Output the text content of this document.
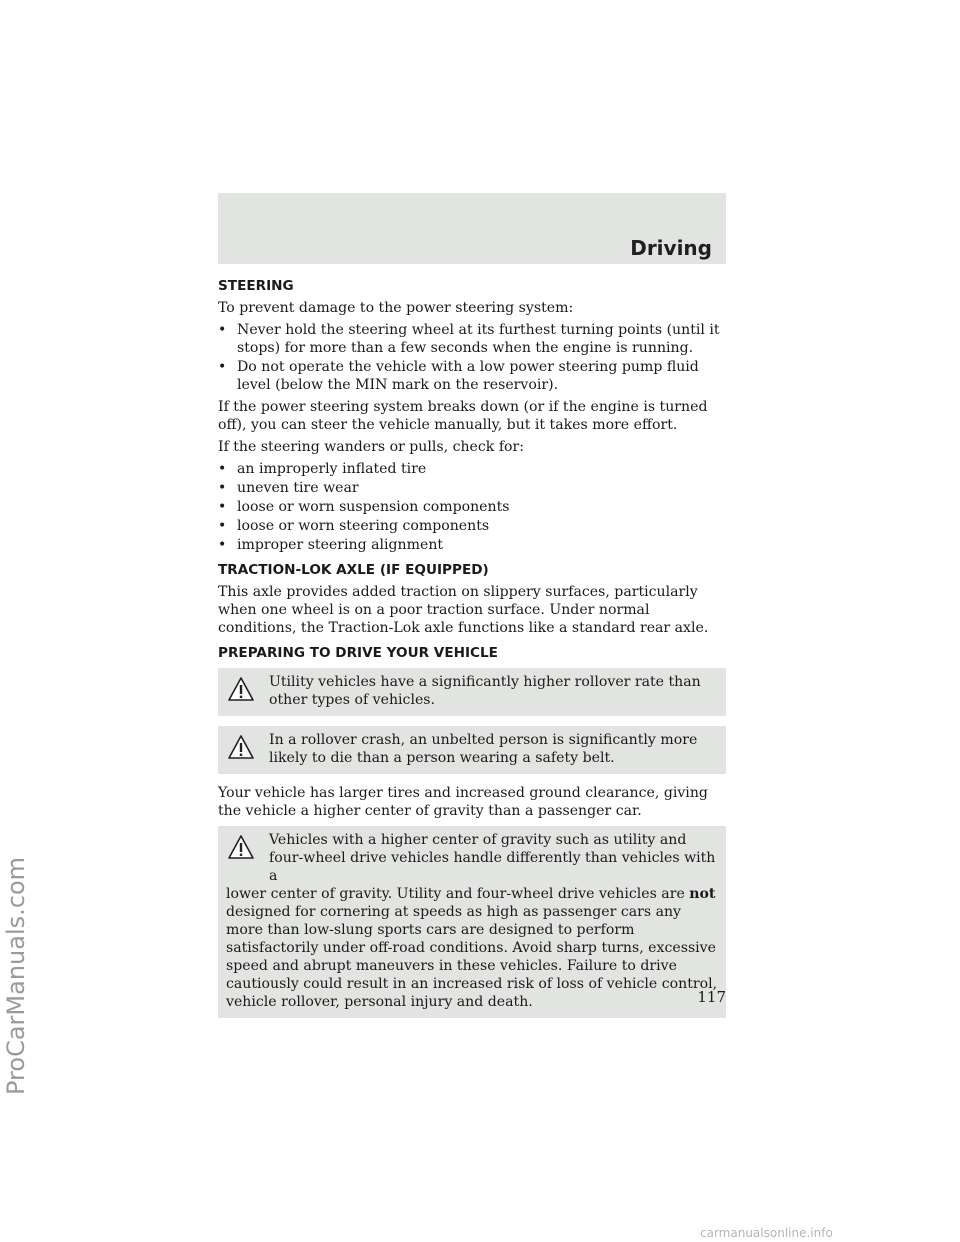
Driving
STEERING

To prevent damage to the power steering system:

• Never hold the steering wheel at its furthest turning points (until it stops) for more than a few seconds when the engine is running.
• Do not operate the vehicle with a low power steering pump fluid level (below the MIN mark on the reservoir).

If the power steering system breaks down (or if the engine is turned off), you can steer the vehicle manually, but it takes more effort.

If the steering wanders or pulls, check for:

• an improperly inflated tire
• uneven tire wear
• loose or worn suspension components
• loose or worn steering components
• improper steering alignment
TRACTION-LOK AXLE (IF EQUIPPED)

This axle provides added traction on slippery surfaces, particularly when one wheel is on a poor traction surface. Under normal conditions, the Traction-Lok axle functions like a standard rear axle.

PREPARING TO DRIVE YOUR VEHICLE
Utility vehicles have a significantly higher rollover rate than other types of vehicles.
In a rollover crash, an unbelted person is significantly more likely to die than a person wearing a safety belt.

Your vehicle has larger tires and increased ground clearance, giving the vehicle a higher center of gravity than a passenger car.

Vehicles with a higher center of gravity such as utility and four-wheel drive vehicles handle differently than vehicles with a
lower center of gravity. Utility and four-wheel drive vehicles are not designed for cornering at speeds as high as passenger cars any more than low-slung sports cars are designed to perform satisfactorily under off-road conditions. Avoid sharp turns, excessive speed and abrupt maneuvers in these vehicles. Failure to drive cautiously could result in an increased risk of loss of vehicle control, vehicle rollover, personal injury and death.	117
ProCarManuals.com
carmanualsonline.info
